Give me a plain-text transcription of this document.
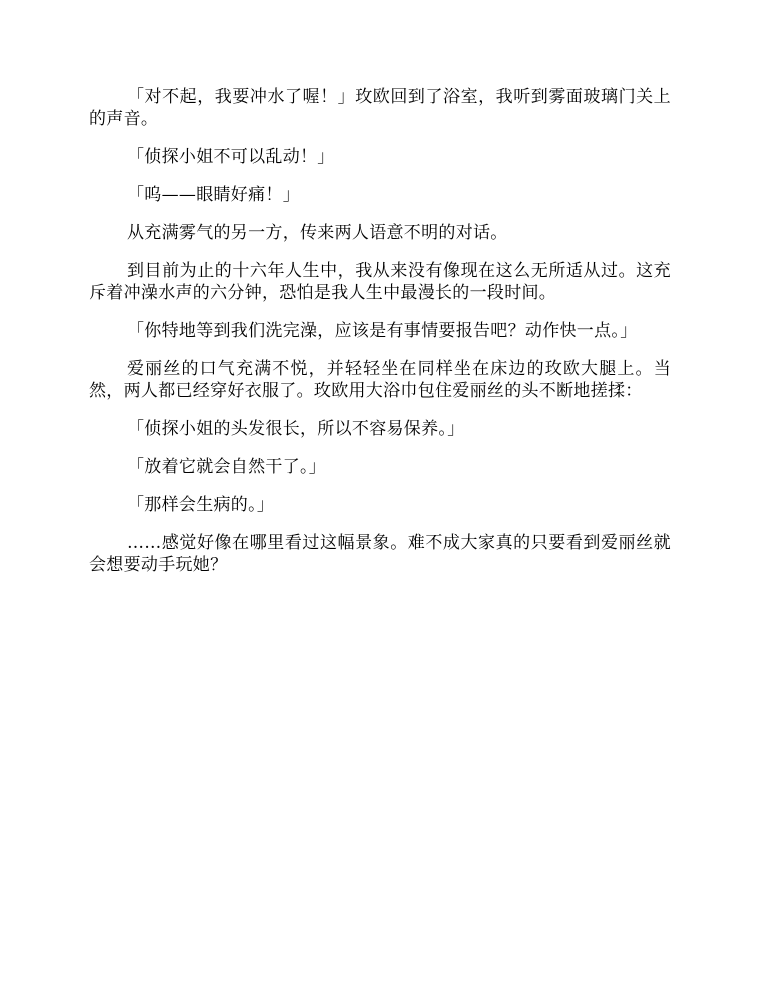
「对不起，我要冲水了喔！」玫欧回到了浴室，我听到雾面玻璃门关上的声音。

「侦探小姐不可以乱动！」

「呜——眼睛好痛！」

从充满雾气的另一方，传来两人语意不明的对话。

到目前为止的十六年人生中，我从来没有像现在这么无所适从过。这充斥着冲澡水声的六分钟，恐怕是我人生中最漫长的一段时间。

「你特地等到我们洗完澡，应该是有事情要报告吧？动作快一点。」

爱丽丝的口气充满不悦，并轻轻坐在同样坐在床边的玫欧大腿上。当然，两人都已经穿好衣服了。玫欧用大浴巾包住爱丽丝的头不断地搓揉：

「侦探小姐的头发很长，所以不容易保养。」

「放着它就会自然干了。」

「那样会生病的。」

……感觉好像在哪里看过这幅景象。难不成大家真的只要看到爱丽丝就会想要动手玩她？
